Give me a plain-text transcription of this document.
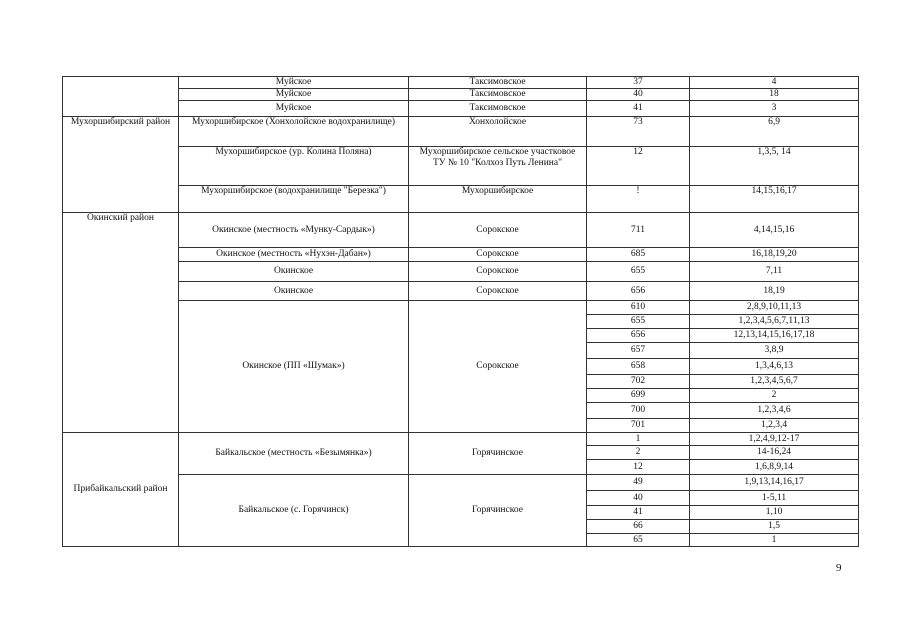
	Муйское	Таксимовское	37	4
	Муйское	Таксимовское	40	18
	Муйское	Таксимовское	41	3
Мухоршибирский район	Мухоршибирское (Хонхолойское водохранилище)	Хонхолойское	73	6,9
	Мухоршибирское (ур. Колина Поляна)	Мухоршибирское сельское участковое ТУ № 10 "Колхоз Путь Ленина"	12	1,3,5, 14
	Мухоршибирское (водохранилище "Березка")	Мухоршибирское	!	14,15,16,17
Окинский район	Окинское (местность «Мунку-Сардык»)	Сорокское	711	4,14,15,16
	Окинское (местность «Нухэн-Дабан»)	Сорокское	685	16,18,19,20
	Окинское	Сорокское	655	7,11
	Окинское	Сорокское	656	18,19
	Окинское (ПП «Шумак»)	Сорокское	610	2,8,9,10,11,13
			655	1,2,3,4,5,6,7,11,13
			656	12,13,14,15,16,17,18
			657	3,8,9
			658	1,3,4,6,13
			702	1,2,3,4,5,6,7
			699	2
			700	1,2,3,4,6
			701	1,2,3,4
Прибайкальский район	Байкальское (местность «Безымянка»)	Горячинское	1	1,2,4,9,12-17
			2	14-16,24
			12	1,6,8,9,14
	Байкальское (с. Горячинск)	Горячинское	49	1,9,13,14,16,17
			40	1-5,11
			41	1,10
			66	1,5
			65	1
9
